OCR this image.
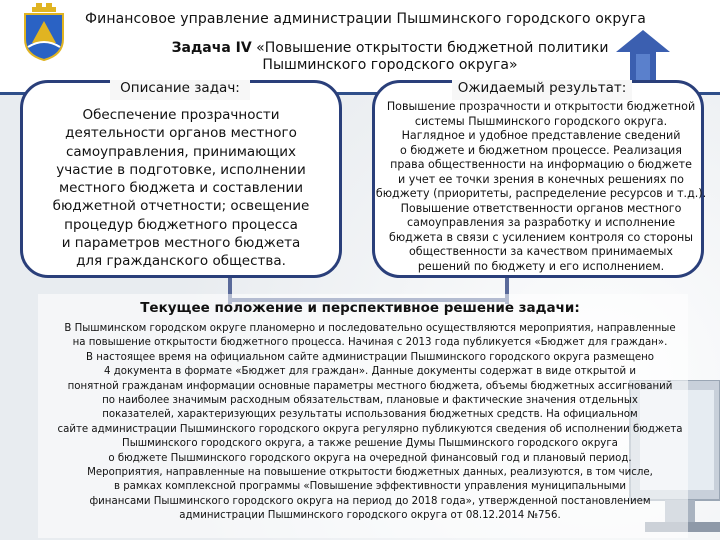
Финансовое управление администрации Пышминского городского округа
Задача IV «Повышение открытости бюджетной политики Пышминского городского округа»
Описание задач:
Обеспечение прозрачности
деятельности органов местного
самоуправления, принимающих
участие в подготовке, исполнении
местного бюджета и составлении
бюджетной отчетности; освещение
процедур бюджетного процесса
и параметров местного бюджета
для гражданского общества.
Ожидаемый результат:
Повышение прозрачности и открытости бюджетной
системы Пышминского городского округа.
Наглядное и удобное представление сведений
о бюджете и бюджетном процессе. Реализация
права общественности на информацию о бюджете
и учет ее точки зрения в конечных решениях по
бюджету (приоритеты, распределение ресурсов и т.д.).
Повышение ответственности органов местного
самоуправления за разработку и исполнение
бюджета в связи с усилением контроля со стороны
общественности за качеством принимаемых
решений по бюджету и его исполнением.
Текущее положение и перспективное решение задачи:
В Пышминском городском округе планомерно и последовательно осуществляются мероприятия, направленные
на повышение открытости бюджетного процесса. Начиная с 2013 года публикуется «Бюджет для граждан».
В настоящее время на официальном сайте администрации Пышминского городского округа размещено
4 документа в формате «Бюджет для граждан». Данные документы содержат в виде открытой и
понятной гражданам информации основные параметры местного бюджета, объемы бюджетных ассигнований
по наиболее значимым расходным обязательствам, плановые и фактические значения отдельных
показателей, характеризующих результаты использования бюджетных средств. На официальном
сайте администрации Пышминского городского округа регулярно публикуются сведения об исполнении бюджета
Пышминского городского округа, а также решение Думы Пышминского городского округа
о бюджете Пышминского городского округа на очередной финансовый год и плановый период.
Мероприятия, направленные на повышение открытости бюджетных данных, реализуются, в том числе,
в рамках комплексной программы «Повышение эффективности управления муниципальными
финансами Пышминского городского округа на период до 2018 года», утвержденной постановлением
администрации Пышминского городского округа от 08.12.2014 №756.
